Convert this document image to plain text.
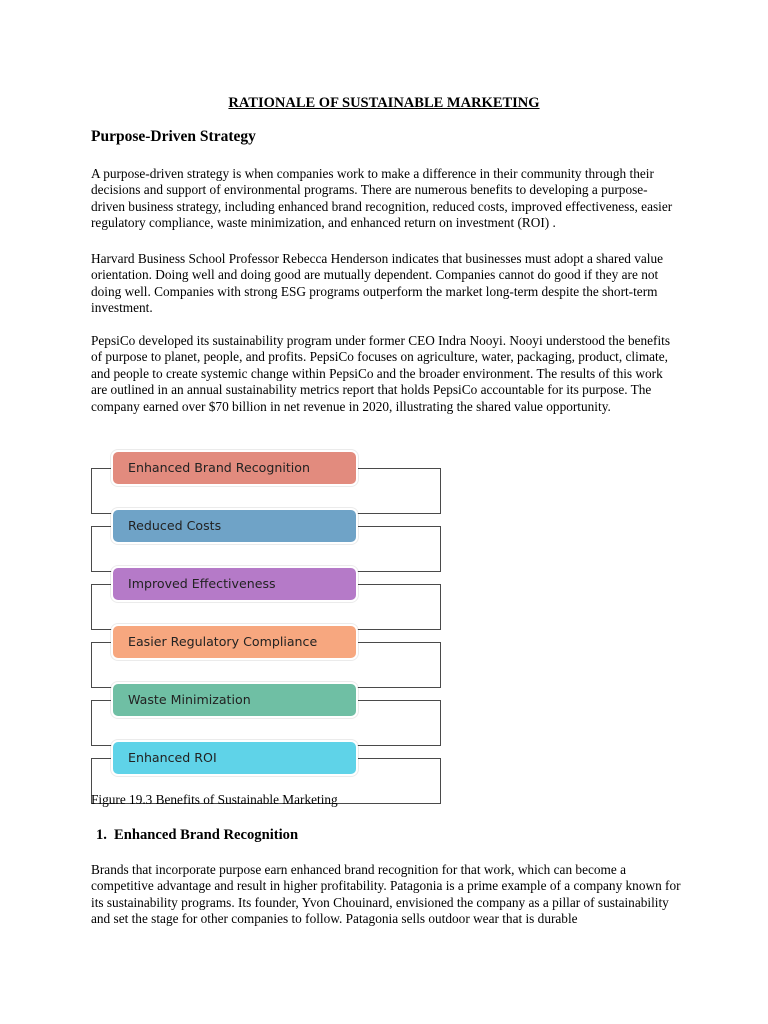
RATIONALE OF SUSTAINABLE MARKETING
Purpose-Driven Strategy

A purpose-driven strategy is when companies work to make a difference in their community through their decisions and support of environmental programs. There are numerous benefits to developing a purpose-driven business strategy, including enhanced brand recognition, reduced costs, improved effectiveness, easier regulatory compliance, waste minimization, and enhanced return on investment (ROI) .

Harvard Business School Professor Rebecca Henderson indicates that businesses must adopt a shared value orientation. Doing well and doing good are mutually dependent. Companies cannot do good if they are not doing well. Companies with strong ESG programs outperform the market long-term despite the short-term investment.

PepsiCo developed its sustainability program under former CEO Indra Nooyi. Nooyi understood the benefits of purpose to planet, people, and profits. PepsiCo focuses on agriculture, water, packaging, product, climate, and people to create systemic change within PepsiCo and the broader environment. The results of this work are outlined in an annual sustainability metrics report that holds PepsiCo accountable for its purpose. The company earned over $70 billion in net revenue in 2020, illustrating the shared value opportunity.

Enhanced Brand Recognition
Reduced Costs
Improved Effectiveness
Easier Regulatory Compliance
Waste Minimization
Enhanced ROI
Figure 19.3 Benefits of Sustainable Marketing
1. Enhanced Brand Recognition

Brands that incorporate purpose earn enhanced brand recognition for that work, which can become a competitive advantage and result in higher profitability. Patagonia is a prime example of a company known for its sustainability programs. Its founder, Yvon Chouinard, envisioned the company as a pillar of sustainability and set the stage for other companies to follow. Patagonia sells outdoor wear that is durable
